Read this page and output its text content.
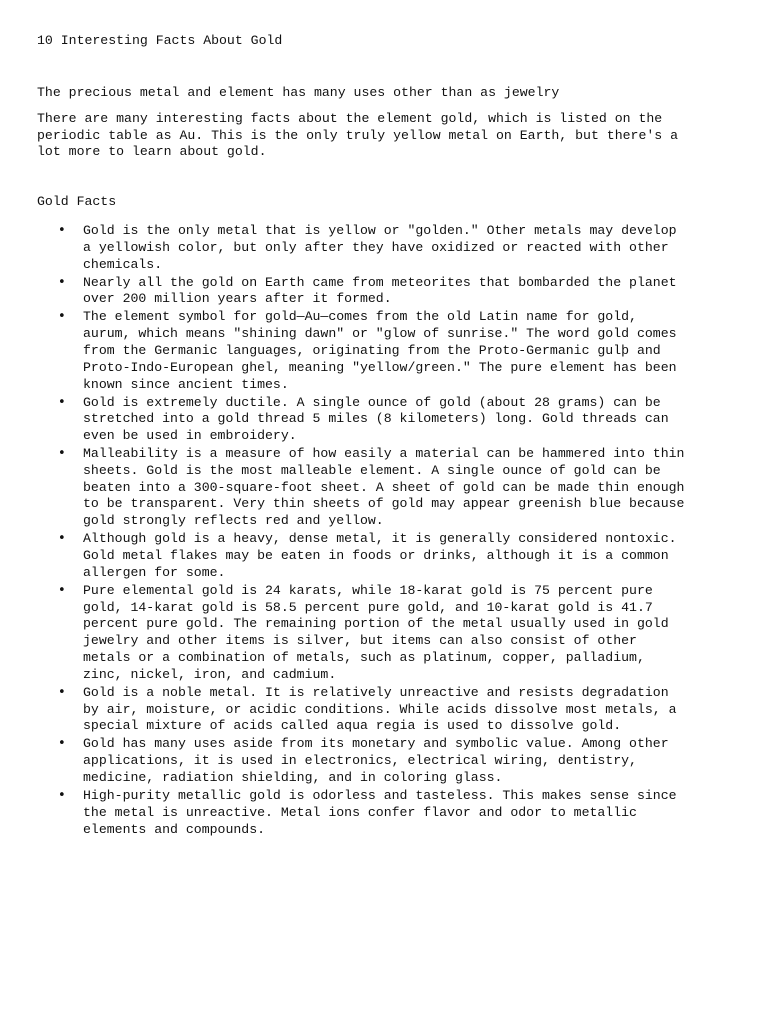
10 Interesting Facts About Gold

The precious metal and element has many uses other than as jewelry

There are many interesting facts about the element gold, which is listed on the
periodic table as Au. This is the only truly yellow metal on Earth, but there's a
lot more to learn about gold.

Gold Facts

• Gold is the only metal that is yellow or "golden." Other metals may develop
a yellowish color, but only after they have oxidized or reacted with other
chemicals.
• Nearly all the gold on Earth came from meteorites that bombarded the planet
over 200 million years after it formed.
• The element symbol for gold—Au—comes from the old Latin name for gold,
aurum, which means "shining dawn" or "glow of sunrise." The word gold comes
from the Germanic languages, originating from the Proto-Germanic gulþ and
Proto-Indo-European ghel, meaning "yellow/green." The pure element has been
known since ancient times.
• Gold is extremely ductile. A single ounce of gold (about 28 grams) can be
stretched into a gold thread 5 miles (8 kilometers) long. Gold threads can
even be used in embroidery.
• Malleability is a measure of how easily a material can be hammered into thin
sheets. Gold is the most malleable element. A single ounce of gold can be
beaten into a 300-square-foot sheet. A sheet of gold can be made thin enough
to be transparent. Very thin sheets of gold may appear greenish blue because
gold strongly reflects red and yellow.
• Although gold is a heavy, dense metal, it is generally considered nontoxic.
Gold metal flakes may be eaten in foods or drinks, although it is a common
allergen for some.
• Pure elemental gold is 24 karats, while 18-karat gold is 75 percent pure
gold, 14-karat gold is 58.5 percent pure gold, and 10-karat gold is 41.7
percent pure gold. The remaining portion of the metal usually used in gold
jewelry and other items is silver, but items can also consist of other
metals or a combination of metals, such as platinum, copper, palladium,
zinc, nickel, iron, and cadmium.
• Gold is a noble metal. It is relatively unreactive and resists degradation
by air, moisture, or acidic conditions. While acids dissolve most metals, a
special mixture of acids called aqua regia is used to dissolve gold.
• Gold has many uses aside from its monetary and symbolic value. Among other
applications, it is used in electronics, electrical wiring, dentistry,
medicine, radiation shielding, and in coloring glass.
• High-purity metallic gold is odorless and tasteless. This makes sense since
the metal is unreactive. Metal ions confer flavor and odor to metallic
elements and compounds.
